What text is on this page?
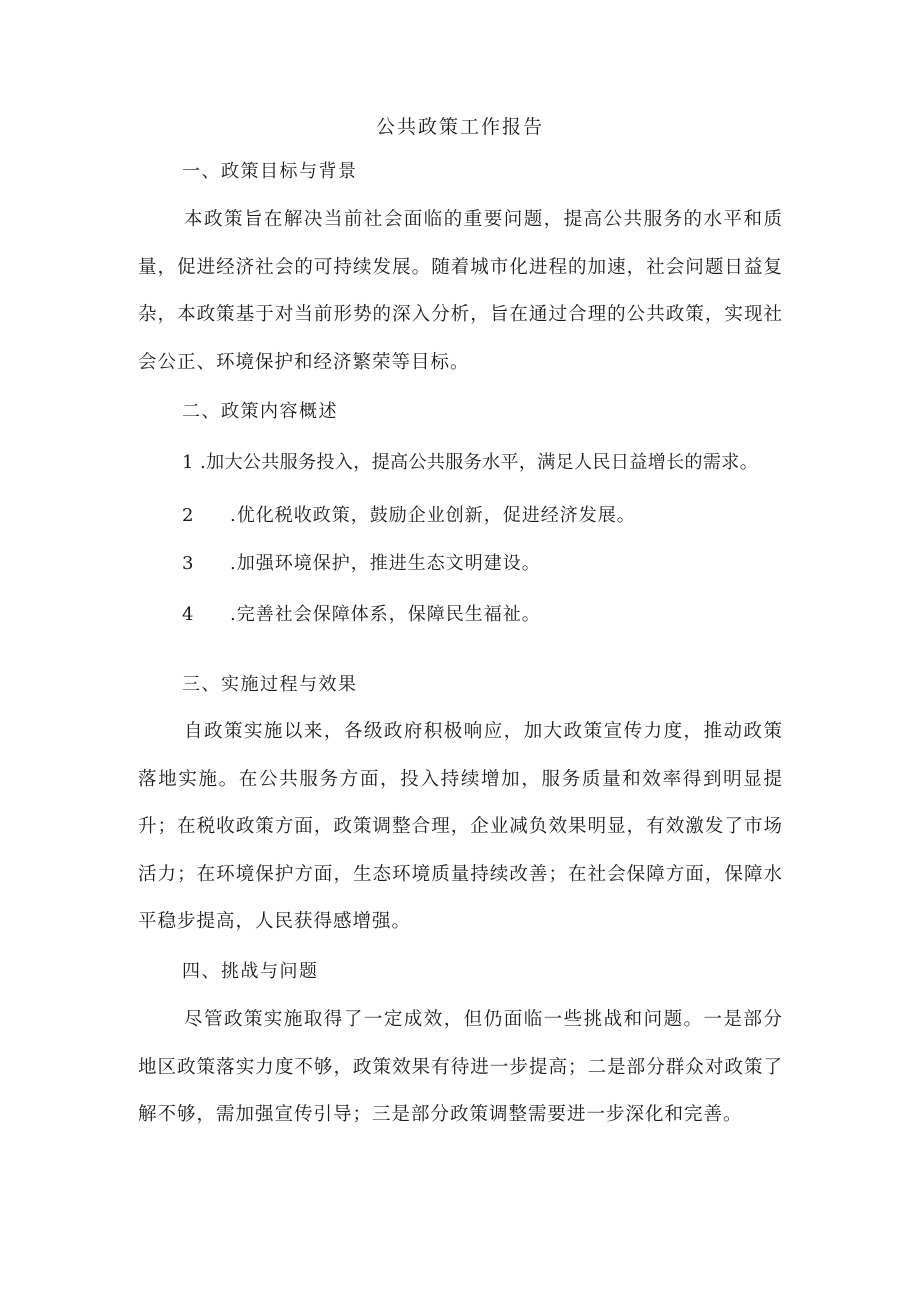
公共政策工作报告
一、政策目标与背景

本政策旨在解决当前社会面临的重要问题，提高公共服务的水平和质量，促进经济社会的可持续发展。随着城市化进程的加速，社会问题日益复杂，本政策基于对当前形势的深入分析，旨在通过合理的公共政策，实现社会公正、环境保护和经济繁荣等目标。

二、政策内容概述
1 .加大公共服务投入，提高公共服务水平，满足人民日益增长的需求。
2 .优化税收政策，鼓励企业创新，促进经济发展。
3 .加强环境保护，推进生态文明建设。
4 .完善社会保障体系，保障民生福祉。
三、实施过程与效果

自政策实施以来，各级政府积极响应，加大政策宣传力度，推动政策落地实施。在公共服务方面，投入持续增加，服务质量和效率得到明显提升；在税收政策方面，政策调整合理，企业减负效果明显，有效激发了市场活力；在环境保护方面，生态环境质量持续改善；在社会保障方面，保障水平稳步提高，人民获得感增强。

四、挑战与问题

尽管政策实施取得了一定成效，但仍面临一些挑战和问题。一是部分地区政策落实力度不够，政策效果有待进一步提高；二是部分群众对政策了解不够，需加强宣传引导；三是部分政策调整需要进一步深化和完善。
